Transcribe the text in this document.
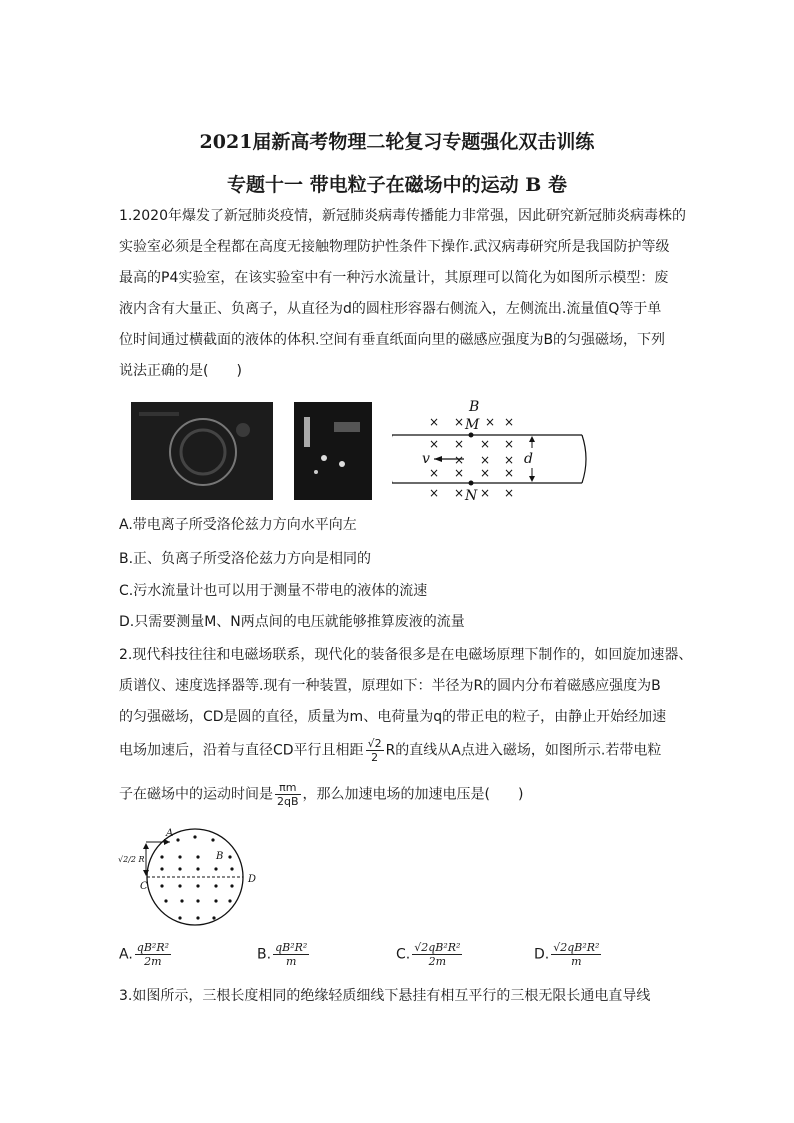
2021届新高考物理二轮复习专题强化双击训练
专题十一 带电粒子在磁场中的运动 B 卷
1.2020年爆发了新冠肺炎疫情，新冠肺炎病毒传播能力非常强，因此研究新冠肺炎病毒株的
实验室必须是全程都在高度无接触物理防护性条件下操作.武汉病毒研究所是我国防护等级
最高的P4实验室，在该实验室中有一种污水流量计，其原理可以简化为如图所示模型：废
液内含有大量正、负离子，从直径为d的圆柱形容器右侧流入，左侧流出.流量值Q等于单
位时间通过横截面的液体的体积.空间有垂直纸面向里的磁感应强度为B的匀强磁场，下列
说法正确的是(　　)
B
M
N
v	d
× × × ×
× × × ×
× × ×
× × × ×
× × × ×
A.带电离子所受洛伦兹力方向水平向左
B.正、负离子所受洛伦兹力方向是相同的
C.污水流量计也可以用于测量不带电的液体的流速
D.只需要测量M、N两点间的电压就能够推算废液的流量
2.现代科技往往和电磁场联系，现代化的装备很多是在电磁场原理下制作的，如回旋加速器、
质谱仪、速度选择器等.现有一种装置，原理如下：半径为R的圆内分布着磁感应强度为B
的匀强磁场，CD是圆的直径，质量为m、电荷量为q的带正电的粒子，由静止开始经加速
电场加速后，沿着与直径CD平行且相距 $\frac{√2}{2}$ R的直线从A点进入磁场，如图所示.若带电粒
子在磁场中的运动时间是 $\frac{\pi m}{2qB}$ ，那么加速电场的加速电压是(　　)
A
B
C
D
√2/2 R
A. $\frac{\text{qB²R²}}{2m}$	B. $\frac{\text{qB²R²}}{m}$	C. $\frac{\text{√2qB²R²}}{2m}$	D. $\frac{\text{√2qB²R²}}{m}$
3.如图所示，三根长度相同的绝缘轻质细线下悬挂有相互平行的三根无限长通电直导线
